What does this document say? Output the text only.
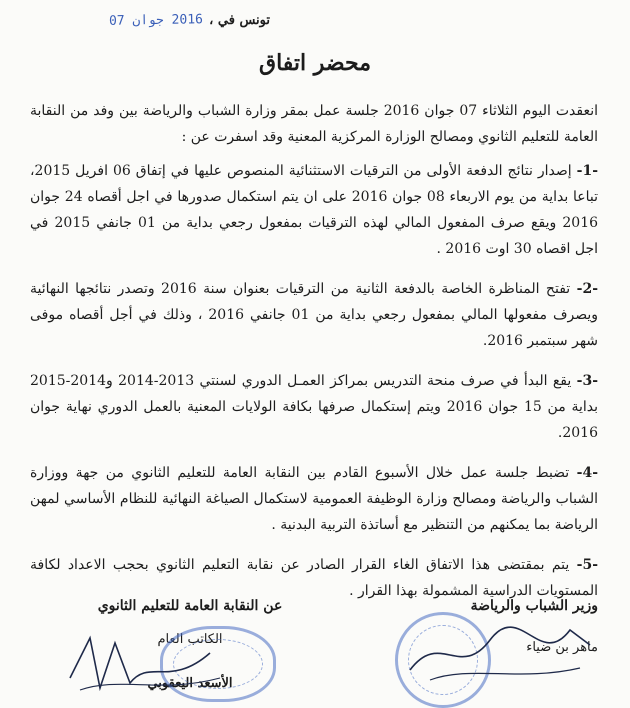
تونس في ،
2016 جوان 07
محضر اتفاق

انعقدت اليوم الثلاثاء 07 جوان 2016 جلسة عمل بمقر وزارة الشباب والرياضة بين وفد من النقابة العامة للتعليم الثانوي ومصالح الوزارة المركزية المعنية وقد اسفرت عن :

-1- إصدار نتائج الدفعة الأولى من الترقيات الاستثنائية المنصوص عليها في إتفاق 06 افريل 2015، تباعا بداية من يوم الاربعاء 08 جوان 2016 على ان يتم استكمال صدورها في اجل أقصاه 24 جوان 2016 ويقع صرف المفعول المالي لهذه الترقيات بمفعول رجعي بداية من 01 جانفي 2015 في اجل اقصاه 30 اوت 2016 .

-2- تفتح المناظرة الخاصة بالدفعة الثانية من الترقيات بعنوان سنة 2016 وتصدر نتائجها النهائية ويصرف مفعولها المالي بمفعول رجعي بداية من 01 جانفي 2016 ، وذلك في أجل أقصاه موفى شهر سبتمبر 2016.

-3- يقع البدأ في صرف منحة التدريس بمراكز العمـل الدوري لسنتي 2013-2014 و2014-2015 بداية من 15 جوان 2016 ويتم إستكمال صرفها بكافة الولايات المعنية بالعمل الدوري نهاية جوان 2016.

-4- تضبط جلسة عمل خلال الأسبوع القادم بين النقابة العامة للتعليم الثانوي من جهة ووزارة الشباب والرياضة ومصالح وزارة الوظيفة العمومية لاستكمال الصياغة النهائية للنظام الأساسي لمهن الرياضة بما يمكنهم من التنظير مع أساتذة التربية البدنية .

-5- يتم بمقتضى هذا الاتفاق الغاء القرار الصادر عن نقابة التعليم الثانوي بحجب الاعداد لكافة المستويات الدراسية المشمولة بهذا القرار .

وزير الشباب والرياضة
ماهر بن ضياء
عن النقابة العامة للتعليم الثانوي
الكاتب العام
الأسعد اليعقوبي
